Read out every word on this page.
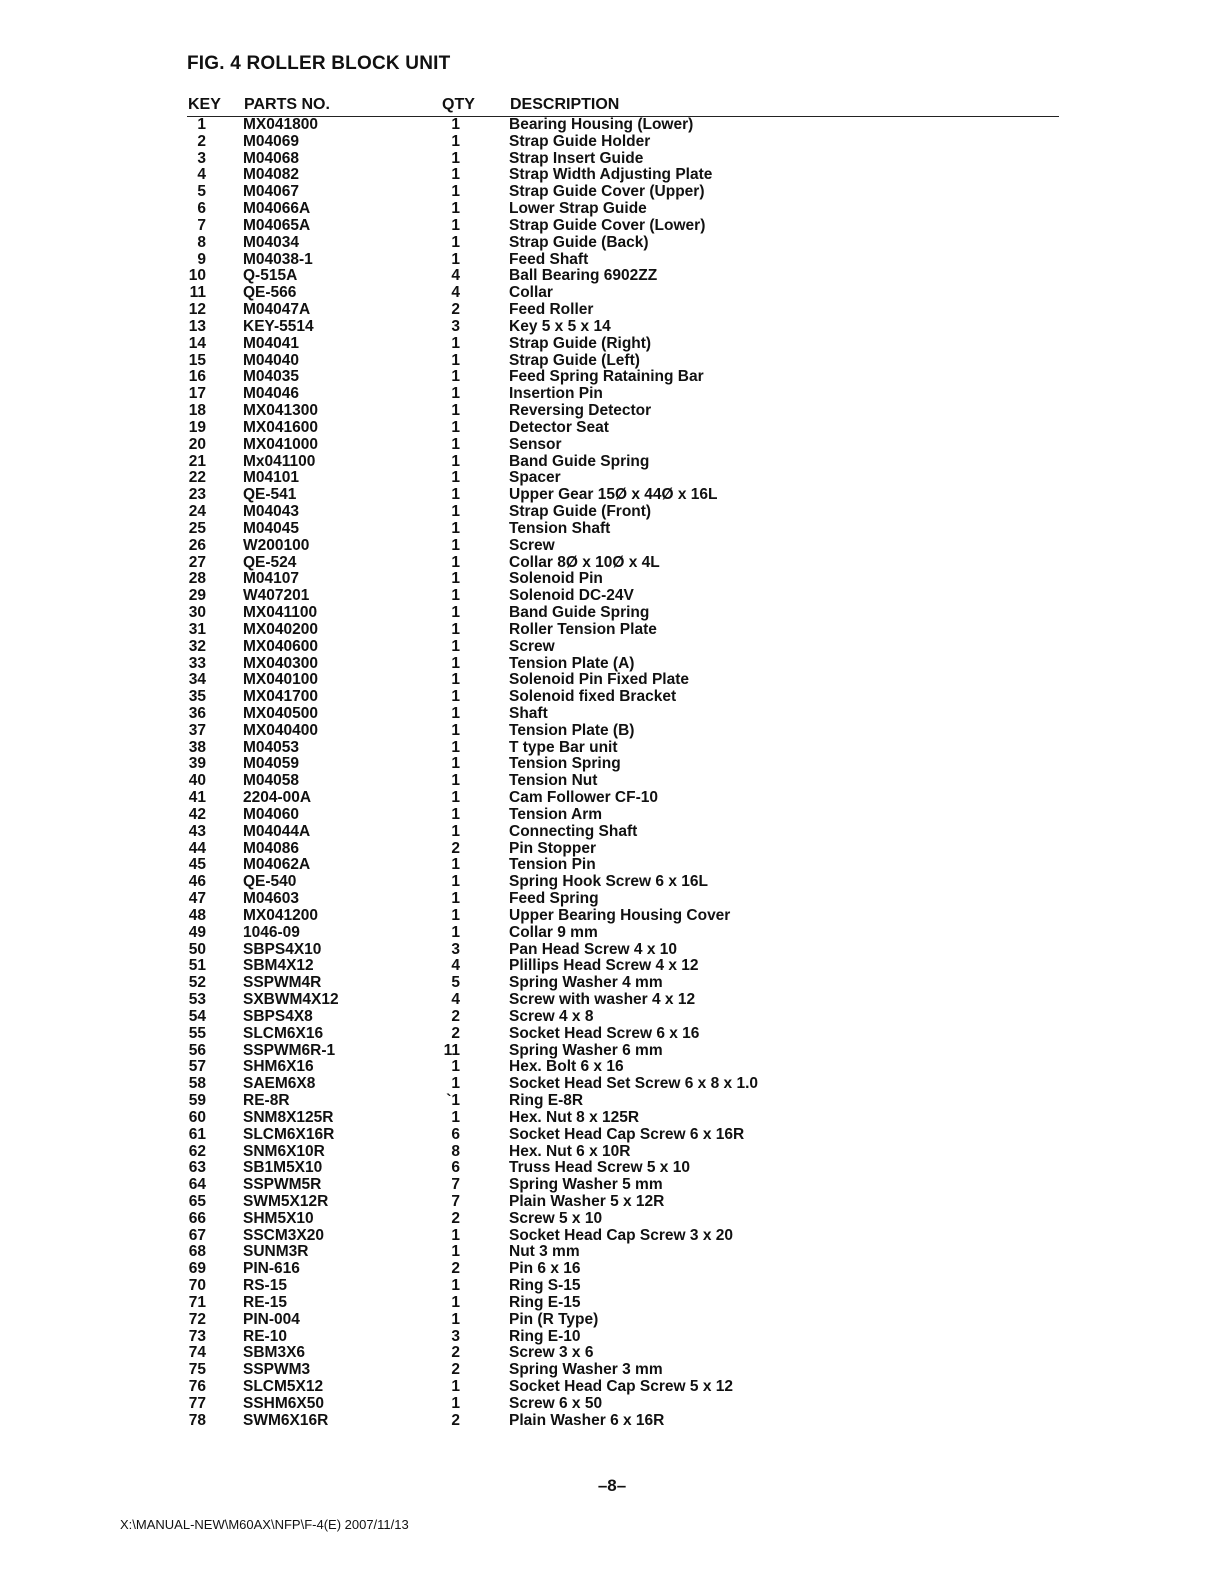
FIG. 4 ROLLER BLOCK UNIT
KEY PARTS NO.	QTY DESCRIPTION
1 MX041800	1	Bearing Housing (Lower)
2 M04069	1	Strap Guide Holder
3 M04068	1	Strap Insert Guide
4 M04082	1	Strap Width Adjusting Plate
5 M04067	1	Strap Guide Cover (Upper)
6 M04066A	1	Lower Strap Guide
7 M04065A	1	Strap Guide Cover (Lower)
8 M04034	1	Strap Guide (Back)
9 M04038-1	1	Feed Shaft
10 Q-515A	4	Ball Bearing 6902ZZ
11 QE-566	4	Collar
12 M04047A	2	Feed Roller
13 KEY-5514	3	Key 5 x 5 x 14
14 M04041	1	Strap Guide (Right)
15 M04040	1	Strap Guide (Left)
16 M04035	1	Feed Spring Rataining Bar
17 M04046	1	Insertion Pin
18 MX041300	1	Reversing Detector
19 MX041600	1	Detector Seat
20 MX041000	1	Sensor
21 Mx041100	1	Band Guide Spring
22 M04101	1	Spacer
23 QE-541	1	Upper Gear 15Ø x 44Ø x 16L
24 M04043	1	Strap Guide (Front)
25 M04045	1	Tension Shaft
26 W200100	1	Screw
27 QE-524	1	Collar 8Ø x 10Ø x 4L
28 M04107	1	Solenoid Pin
29 W407201	1	Solenoid DC-24V
30 MX041100	1	Band Guide Spring
31 MX040200	1	Roller Tension Plate
32 MX040600	1	Screw
33 MX040300	1	Tension Plate (A)
34 MX040100	1	Solenoid Pin Fixed Plate
35 MX041700	1	Solenoid fixed Bracket
36 MX040500	1	Shaft
37 MX040400	1	Tension Plate (B)
38 M04053	1	T type Bar unit
39 M04059	1	Tension Spring
40 M04058	1	Tension Nut
41 2204-00A	1	Cam Follower CF-10
42 M04060	1	Tension Arm
43 M04044A	1	Connecting Shaft
44 M04086	2	Pin Stopper
45 M04062A	1	Tension Pin
46 QE-540	1	Spring Hook Screw 6 x 16L
47 M04603	1	Feed Spring
48 MX041200	1	Upper Bearing Housing Cover
49 1046-09	1	Collar 9 mm
50 SBPS4X10	3	Pan Head Screw 4 x 10
51 SBM4X12	4	Plillips Head Screw 4 x 12
52 SSPWM4R	5	Spring Washer 4 mm
53 SXBWM4X12	4	Screw with washer 4 x 12
54 SBPS4X8	2	Screw 4 x 8
55 SLCM6X16	2	Socket Head Screw 6 x 16
56 SSPWM6R-1	11	Spring Washer 6 mm
57 SHM6X16	1	Hex. Bolt 6 x 16
58 SAEM6X8	1	Socket Head Set Screw 6 x 8 x 1.0
59 RE-8R	`1	Ring E-8R
60 SNM8X125R	1	Hex. Nut 8 x 125R
61 SLCM6X16R	6	Socket Head Cap Screw 6 x 16R
62 SNM6X10R	8	Hex. Nut 6 x 10R
63 SB1M5X10	6	Truss Head Screw 5 x 10
64 SSPWM5R	7	Spring Washer 5 mm
65 SWM5X12R	7	Plain Washer 5 x 12R
66 SHM5X10	2	Screw 5 x 10
67 SSCM3X20	1	Socket Head Cap Screw 3 x 20
68 SUNM3R	1	Nut 3 mm
69 PIN-616	2	Pin 6 x 16
70 RS-15	1	Ring S-15
71 RE-15	1	Ring E-15
72 PIN-004	1	Pin (R Type)
73 RE-10	3	Ring E-10
74 SBM3X6	2	Screw 3 x 6
75 SSPWM3	2	Spring Washer 3 mm
76 SLCM5X12	1	Socket Head Cap Screw 5 x 12
77 SSHM6X50	1	Screw 6 x 50
78 SWM6X16R	2	Plain Washer 6 x 16R
–8–
X:\MANUAL-NEW\M60AX\NFP\F-4(E) 2007/11/13
